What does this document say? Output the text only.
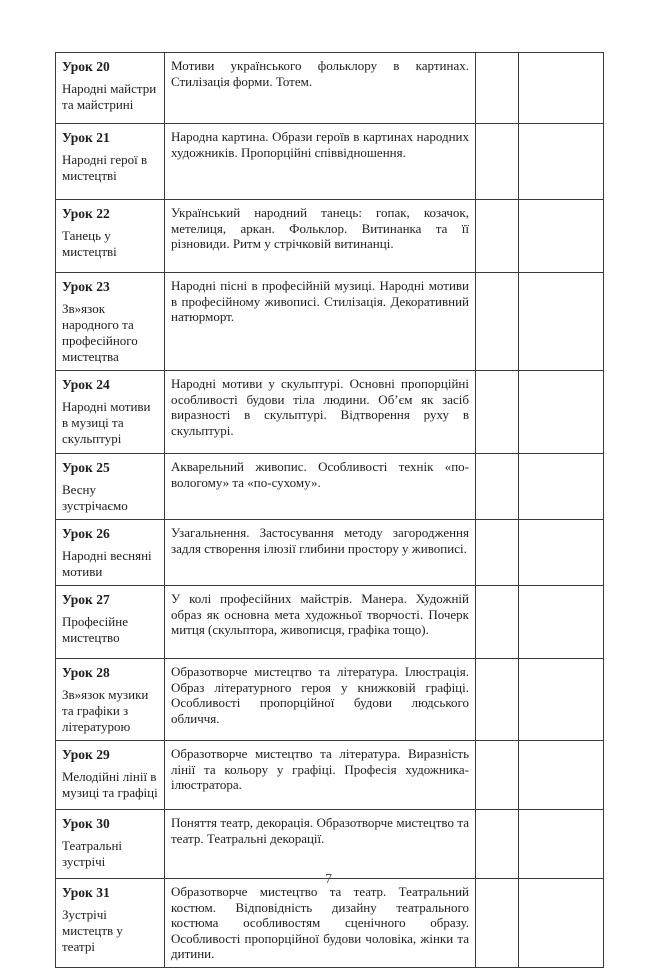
Урок 20
Народні майстри та майстрині	Мотиви українського фольклору в картинах. Стилізація форми. Тотем.		

Урок 21
Народні герої в мистецтві	Народна картина. Образи героїв в картинах народних художників. Пропорційні співвідношення.		

Урок 22
Танець у мистецтві	Український народний танець: гопак, козачок, метелиця, аркан. Фольклор. Витинанка та її різновиди. Ритм у стрічковій витинанці.		

Урок 23
Зв»язок народного та професійного мистецтва	Народні пісні в професійній музиці. Народні мотиви в професійному живописі. Стилізація. Декоративний натюрморт.		

Урок 24
Народні мотиви в музиці та скульптурі	Народні мотиви у скульптурі. Основні пропорційні особливості будови тіла людини. Об’єм як засіб виразності в скульптурі. Відтворення руху в скульптурі.		

Урок 25
Весну зустрічаємо	Акварельний живопис. Особливості технік «по-вологому» та «по-сухому».		

Урок 26
Народні весняні мотиви	Узагальнення. Застосування методу загородження задля створення ілюзії глибини простору у живописі.		

Урок 27
Професійне мистецтво	У колі професійних майстрів. Манера. Художній образ як основна мета художньої творчості. Почерк митця (скульптора, живописця, графіка тощо).		

Урок 28
Зв»язок музики та графіки з літературою	Образотворче мистецтво та література. Ілюстрація. Образ літературного героя у книжковій графіці. Особливості пропорційної будови людського обличчя.		

Урок 29
Мелодійні лінії в музиці та графіці	Образотворче мистецтво та література. Виразність лінії та кольору у графіці. Професія художника-ілюстратора.		

Урок 30
Театральні зустрічі	Поняття театр, декорація. Образотворче мистецтво та театр. Театральні декорації.		

Урок 31
Зустрічі мистецтв у театрі	Образотворче мистецтво та театр. Театральний костюм. Відповідність дизайну театрального костюма особливостям сценічного образу. Особливості пропорційної будови чоловіка, жінки та дитини.		
7
